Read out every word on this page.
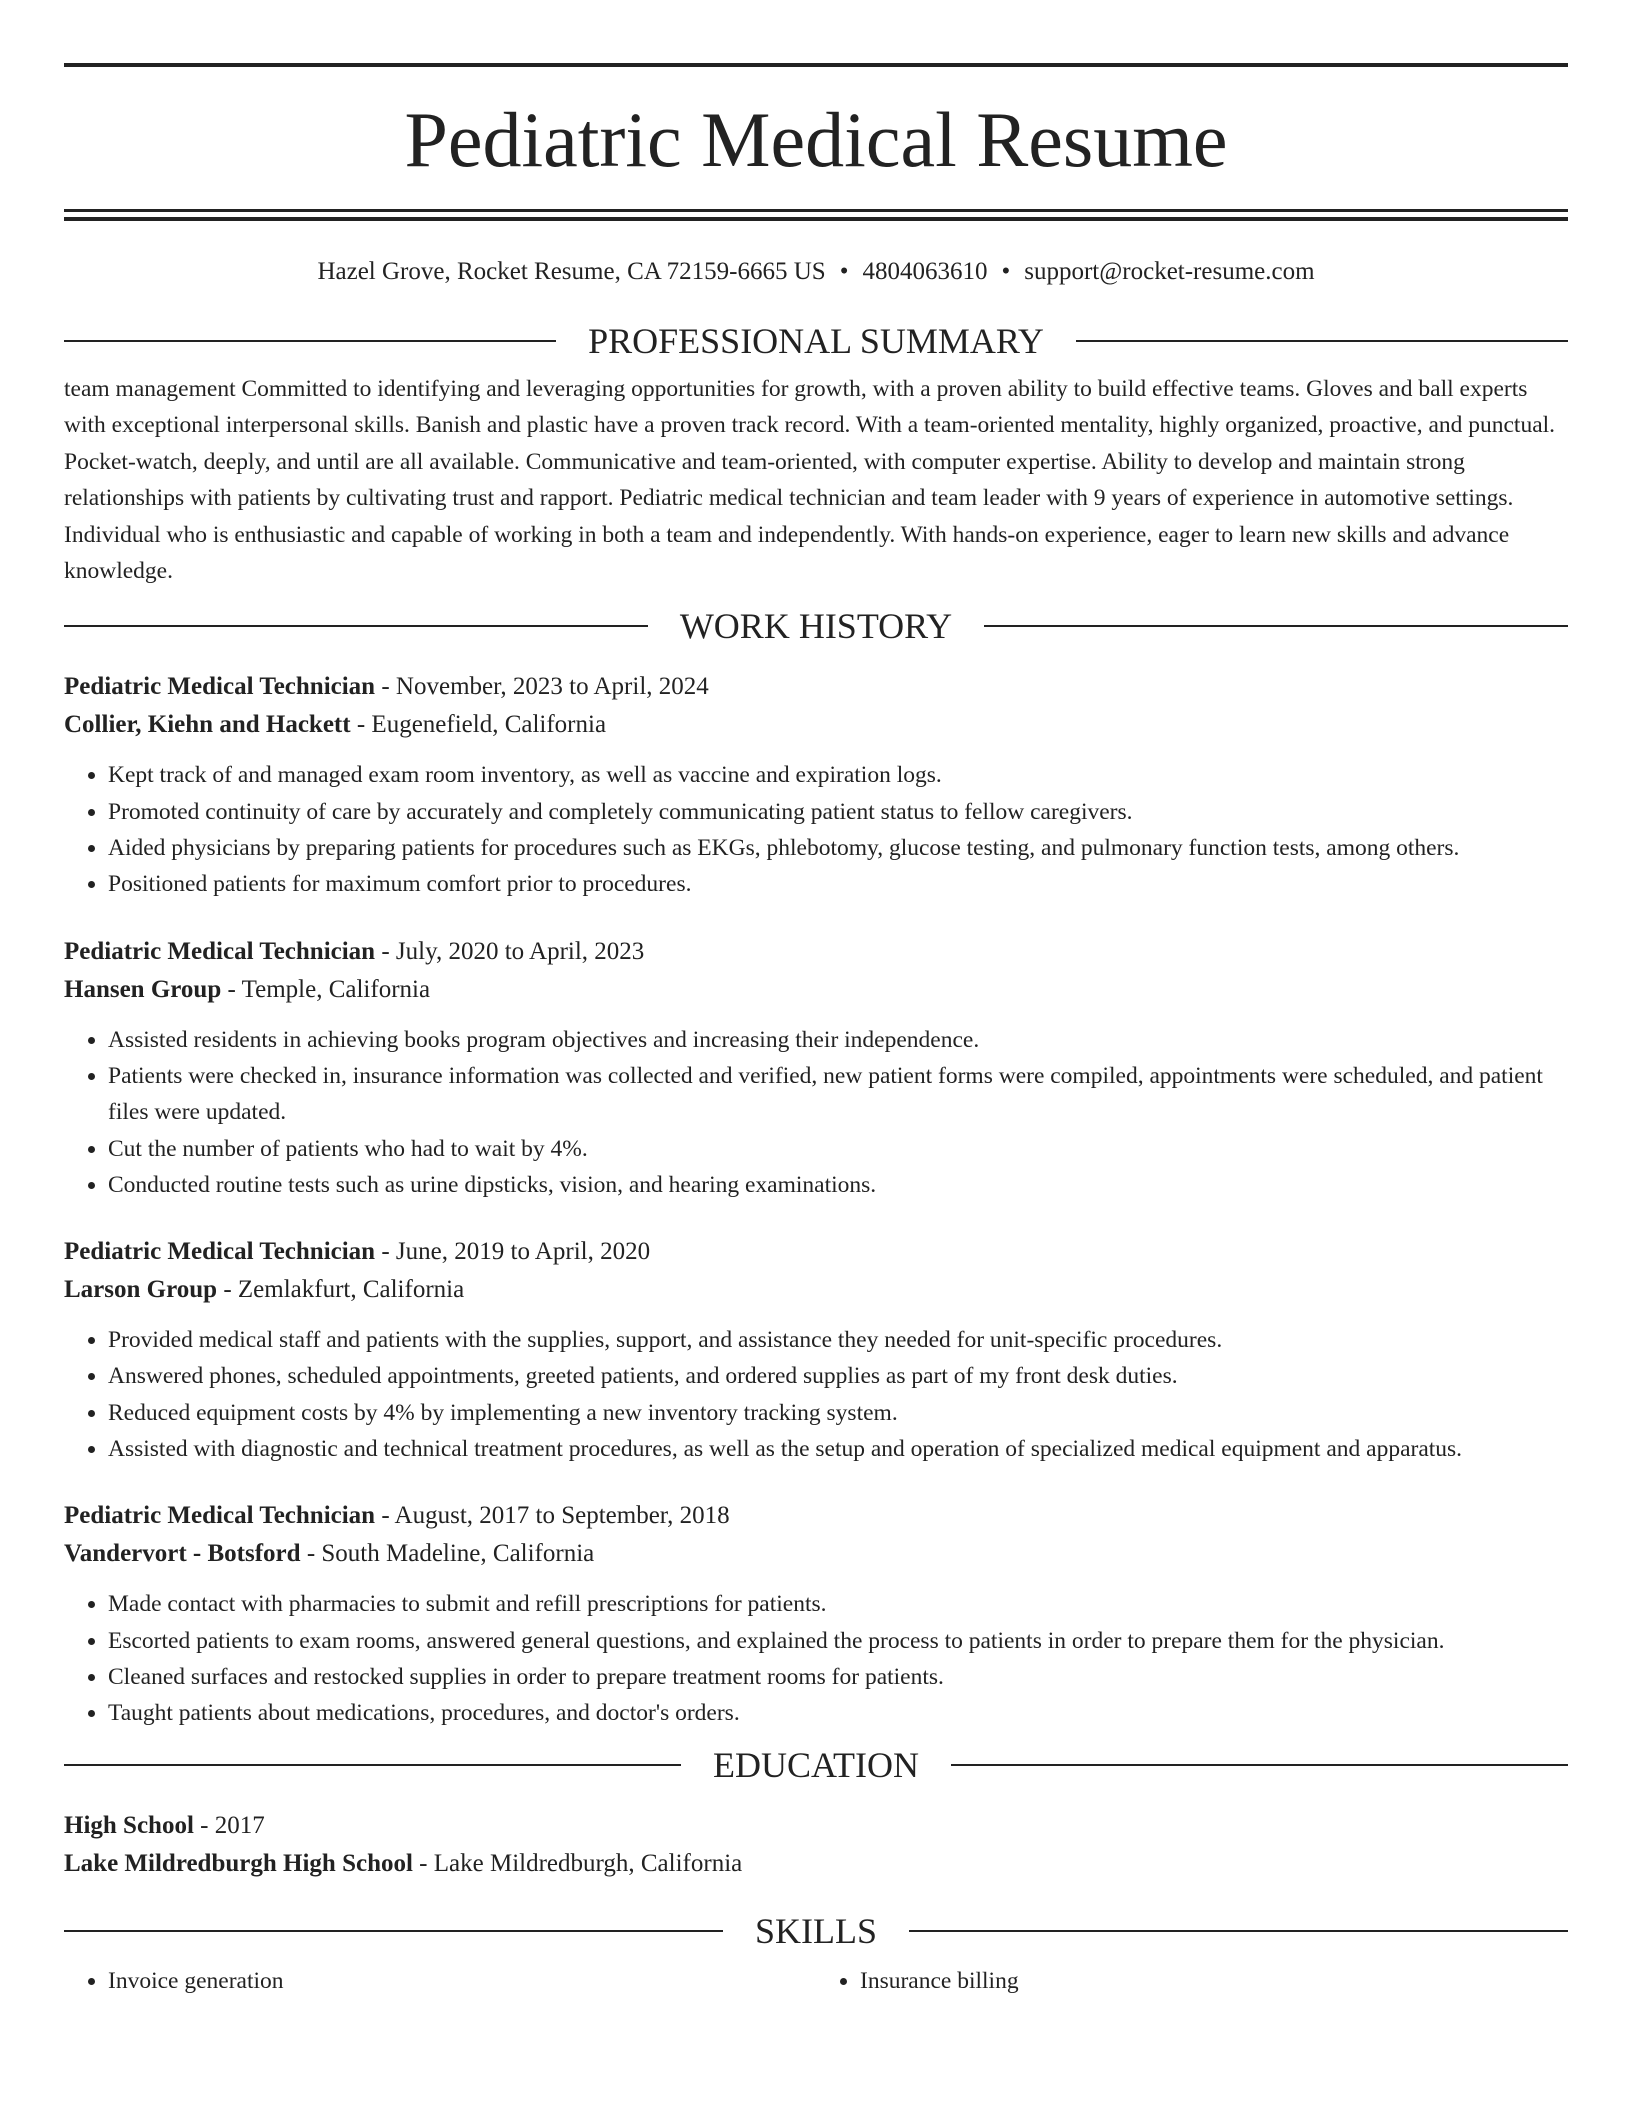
Pediatric Medical Resume
Hazel Grove, Rocket Resume, CA 72159-6665 US • 4804063610 • support@rocket-resume.com
PROFESSIONAL SUMMARY

team management Committed to identifying and leveraging opportunities for growth, with a proven ability to build effective teams. Gloves and ball experts with exceptional interpersonal skills. Banish and plastic have a proven track record. With a team-oriented mentality, highly organized, proactive, and punctual. Pocket-watch, deeply, and until are all available. Communicative and team-oriented, with computer expertise. Ability to develop and maintain strong relationships with patients by cultivating trust and rapport. Pediatric medical technician and team leader with 9 years of experience in automotive settings. Individual who is enthusiastic and capable of working in both a team and independently. With hands-on experience, eager to learn new skills and advance knowledge.

WORK HISTORY
Pediatric Medical Technician - November, 2023 to April, 2024
Collier, Kiehn and Hackett - Eugenefield, California
• Kept track of and managed exam room inventory, as well as vaccine and expiration logs.
• Promoted continuity of care by accurately and completely communicating patient status to fellow caregivers.
• Aided physicians by preparing patients for procedures such as EKGs, phlebotomy, glucose testing, and pulmonary function tests, among others.
• Positioned patients for maximum comfort prior to procedures.
Pediatric Medical Technician - July, 2020 to April, 2023
Hansen Group - Temple, California
• Assisted residents in achieving books program objectives and increasing their independence.
• Patients were checked in, insurance information was collected and verified, new patient forms were compiled, appointments were scheduled, and patient files were updated.
• Cut the number of patients who had to wait by 4%.
• Conducted routine tests such as urine dipsticks, vision, and hearing examinations.
Pediatric Medical Technician - June, 2019 to April, 2020
Larson Group - Zemlakfurt, California
• Provided medical staff and patients with the supplies, support, and assistance they needed for unit-specific procedures.
• Answered phones, scheduled appointments, greeted patients, and ordered supplies as part of my front desk duties.
• Reduced equipment costs by 4% by implementing a new inventory tracking system.
• Assisted with diagnostic and technical treatment procedures, as well as the setup and operation of specialized medical equipment and apparatus.
Pediatric Medical Technician - August, 2017 to September, 2018
Vandervort - Botsford - South Madeline, California
• Made contact with pharmacies to submit and refill prescriptions for patients.
• Escorted patients to exam rooms, answered general questions, and explained the process to patients in order to prepare them for the physician.
• Cleaned surfaces and restocked supplies in order to prepare treatment rooms for patients.
• Taught patients about medications, procedures, and doctor's orders.
EDUCATION
High School - 2017
Lake Mildredburgh High School - Lake Mildredburgh, California
SKILLS
• Invoice generation
•	Insurance billing
